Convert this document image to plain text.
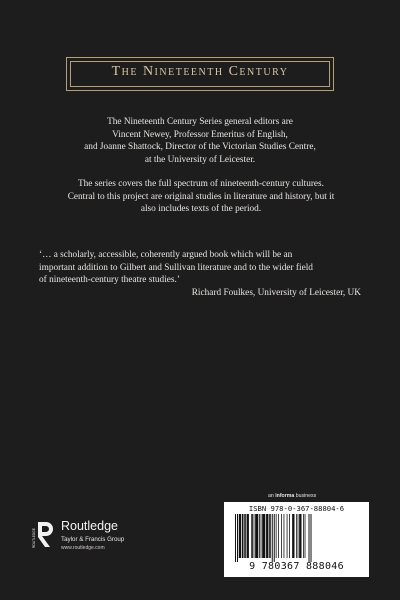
The Nineteenth Century
The Nineteenth Century Series general editors are
Vincent Newey, Professor Emeritus of English,
and Joanne Shattock, Director of the Victorian Studies Centre,
at the University of Leicester.
The series covers the full spectrum of nineteenth-century cultures.
Central to this project are original studies in literature and history, but it
also includes texts of the period.
‘… a scholarly, accessible, coherently argued book which will be an
important addition to Gilbert and Sullivan literature and to the wider field
of nineteenth-century theatre studies.’
Richard Foulkes, University of Leicester, UK
an informa business
ROUTLEDGE
Routledge
Taylor & Francis Group
www.routledge.com
ISBN 978-0-367-88804-6
9 780367 888046
